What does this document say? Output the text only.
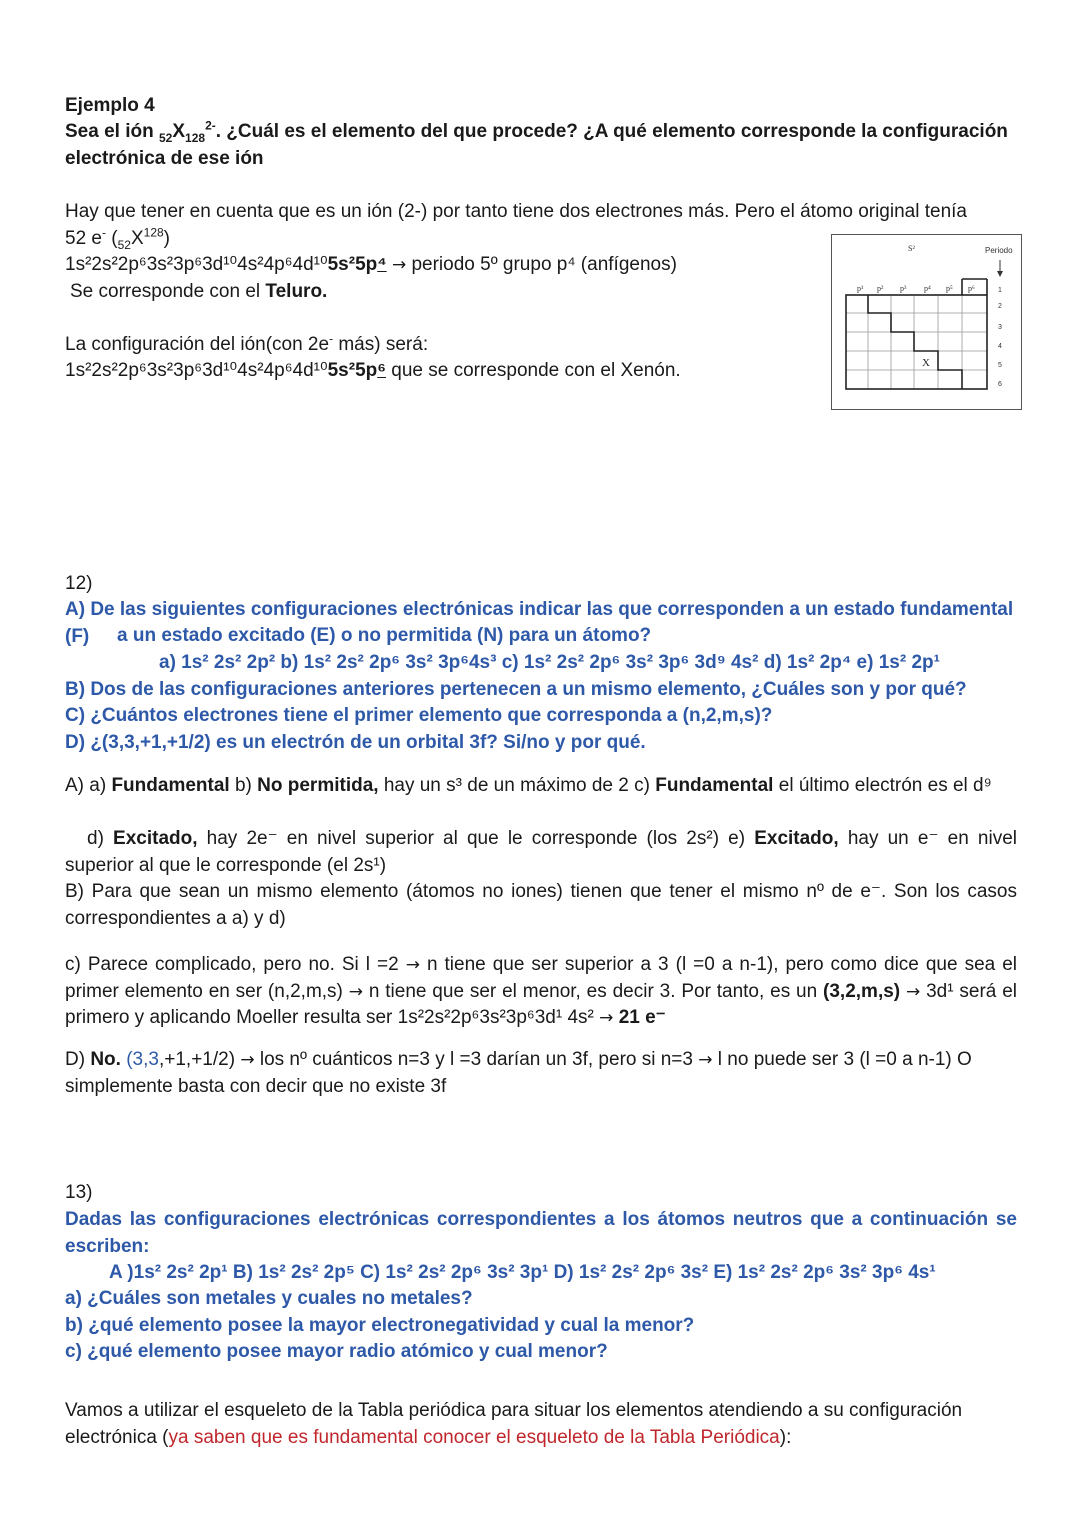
Ejemplo 4
Sea el ión $_{52}X_{128}^{2-}$. ¿Cuál es el elemento del que procede? ¿A qué elemento corresponde la configuración electrónica de ese ión
Hay que tener en cuenta que es un ión (2-) por tanto tiene dos electrones más. Pero el átomo original tenía
52 e- $(_{52}X^{128})$
1s²2s²2p⁶3s²3p⁶3d¹⁰4s²4p⁶4d¹⁰5s²5p⁴ → periodo 5º grupo p⁴ (anfígenos)
Se corresponde con el Teluro.
La configuración del ión(con 2e- más) será:
1s²2s²2p⁶3s²3p⁶3d¹⁰4s²4p⁶4d¹⁰5s²5p⁶ que se corresponde con el Xenón.
S²	Periodo
p¹ p² p³ p⁴ p⁵ p⁶	1
2
3
4
5
6
X
12)
A) De las siguientes configuraciones electrónicas indicar las que corresponden a un estado fundamental (F)	a un estado excitado (E) o no permitida (N) para un átomo?
a) 1s² 2s² 2p² b) 1s² 2s² 2p⁶ 3s² 3p⁶4s³ c) 1s² 2s² 2p⁶ 3s² 3p⁶ 3d⁹ 4s² d) 1s² 2p⁴ e) 1s² 2p¹
B) Dos de las configuraciones anteriores pertenecen a un mismo elemento, ¿Cuáles son y por qué?
C) ¿Cuántos electrones tiene el primer elemento que corresponda a (n,2,m,s)?
D) ¿(3,3,+1,+1/2) es un electrón de un orbital 3f? Si/no y por qué.
A) a) Fundamental b) No permitida, hay un s³ de un máximo de 2 c) Fundamental el último electrón es el d⁹
d) Excitado, hay 2e⁻ en nivel superior al que le corresponde (los 2s²) e) Excitado, hay un e⁻ en nivel superior al que le corresponde (el 2s¹)
B) Para que sean un mismo elemento (átomos no iones) tienen que tener el mismo nº de e⁻. Son los casos correspondientes a a) y d)
c) Parece complicado, pero no. Si l =2 → n tiene que ser superior a 3 (l =0 a n-1), pero como dice que sea el primer elemento en ser (n,2,m,s) → n tiene que ser el menor, es decir 3. Por tanto, es un (3,2,m,s) → 3d¹ será el primero y aplicando Moeller resulta ser 1s²2s²2p⁶3s²3p⁶3d¹ 4s² → 21 e⁻
D) No. (3,3,+1,+1/2) → los nº cuánticos n=3 y l =3 darían un 3f, pero si n=3 → l no puede ser 3 (l =0 a n-1) O simplemente basta con decir que no existe 3f
13)
Dadas las configuraciones electrónicas correspondientes a los átomos neutros que a continuación se escriben:
A )1s² 2s² 2p¹ B) 1s² 2s² 2p⁵ C) 1s² 2s² 2p⁶ 3s² 3p¹ D) 1s² 2s² 2p⁶ 3s² E) 1s² 2s² 2p⁶ 3s² 3p⁶ 4s¹
a) ¿Cuáles son metales y cuales no metales?
b) ¿qué elemento posee la mayor electronegatividad y cual la menor?
c) ¿qué elemento posee mayor radio atómico y cual menor?
Vamos a utilizar el esqueleto de la Tabla periódica para situar los elementos atendiendo a su configuración electrónica (ya saben que es fundamental conocer el esqueleto de la Tabla Periódica):
